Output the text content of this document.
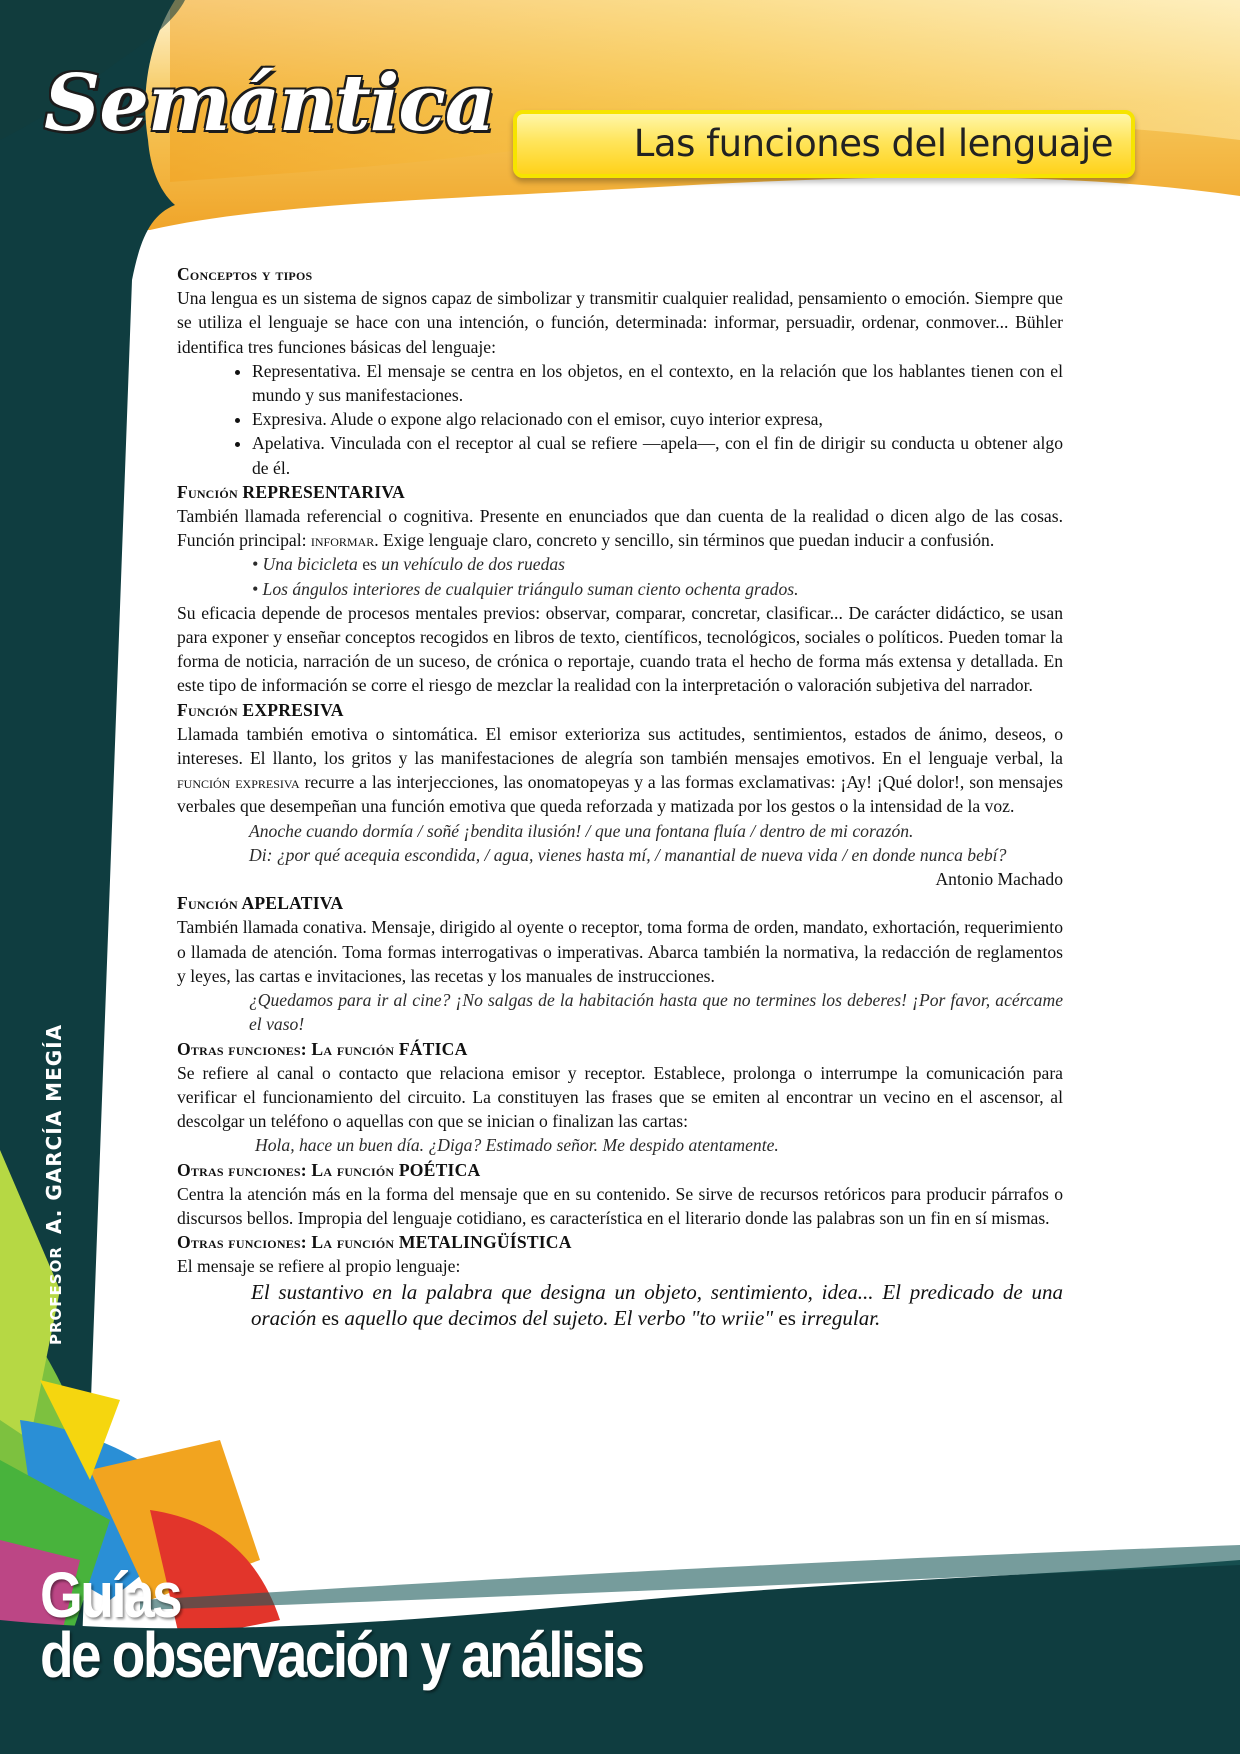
Semántica	Las funciones del lenguaje
PROFESORA. GARCÍA MEGÍA
Guías
de observación y análisis

Conceptos y tipos

Una lengua es un sistema de signos capaz de simbolizar y transmitir cualquier realidad, pensamiento o emoción. Siempre que se utiliza el lenguaje se hace con una intención, o función, determinada: informar, persuadir, ordenar, conmover... Bühler identifica tres funciones básicas del lenguaje:

• Representativa. El mensaje se centra en los objetos, en el contexto, en la relación que los hablantes tienen con el mundo y sus manifestaciones.
• Expresiva. Alude o expone algo relacionado con el emisor, cuyo interior expresa,
• Apelativa. Vinculada con el receptor al cual se refiere —apela—, con el fin de dirigir su conducta u obtener algo de él.

Función REPRESENTARIVA

También llamada referencial o cognitiva. Presente en enunciados que dan cuenta de la realidad o dicen algo de las cosas. Función principal: informar. Exige lenguaje claro, concreto y sencillo, sin términos que puedan inducir a confusión.

• Una bicicleta es un vehículo de dos ruedas

• Los ángulos interiores de cualquier triángulo suman ciento ochenta grados.

Su eficacia depende de procesos mentales previos: observar, comparar, concretar, clasificar... De carácter didáctico, se usan para exponer y enseñar conceptos recogidos en libros de texto, científicos, tecnológicos, sociales o políticos. Pueden tomar la forma de noticia, narración de un suceso, de crónica o reportaje, cuando trata el hecho de forma más extensa y detallada. En este tipo de información se corre el riesgo de mezclar la realidad con la interpretación o valoración subjetiva del narrador.

Función EXPRESIVA

Llamada también emotiva o sintomática. El emisor exterioriza sus actitudes, sentimientos, estados de ánimo, deseos, o intereses. El llanto, los gritos y las manifestaciones de alegría son también mensajes emotivos. En el lenguaje verbal, la función expresiva recurre a las interjecciones, las onomatopeyas y a las formas exclamativas: ¡Ay! ¡Qué dolor!, son mensajes verbales que desempeñan una función emotiva que queda reforzada y matizada por los gestos o la intensidad de la voz.

Anoche cuando dormía / soñé ¡bendita ilusión! / que una fontana fluía / dentro de mi corazón.

Di: ¿por qué acequia escondida, / agua, vienes hasta mí, / manantial de nueva vida / en donde nunca bebí?

Antonio Machado

Función APELATIVA

También llamada conativa. Mensaje, dirigido al oyente o receptor, toma forma de orden, mandato, exhortación, requerimiento o llamada de atención. Toma formas interrogativas o imperativas. Abarca también la normativa, la redacción de reglamentos y leyes, las cartas e invitaciones, las recetas y los manuales de instrucciones.

¿Quedamos para ir al cine? ¡No salgas de la habitación hasta que no termines los deberes! ¡Por favor, acércame el vaso!

Otras funciones: La función FÁTICA

Se refiere al canal o contacto que relaciona emisor y receptor. Establece, prolonga o interrumpe la comunicación para verificar el funcionamiento del circuito. La constituyen las frases que se emiten al encontrar un vecino en el ascensor, al descolgar un teléfono o aquellas con que se inician o finalizan las cartas:

Hola, hace un buen día. ¿Diga? Estimado señor. Me despido atentamente.

Otras funciones: La función POÉTICA

Centra la atención más en la forma del mensaje que en su contenido. Se sirve de recursos retóricos para producir párrafos o discursos bellos. Impropia del lenguaje cotidiano, es característica en el literario donde las palabras son un fin en sí mismas.

Otras funciones: La función METALINGÜÍSTICA

El mensaje se refiere al propio lenguaje:

El sustantivo en la palabra que designa un objeto, sentimiento, idea... El predicado de una oración es aquello que decimos del sujeto. El verbo "to wriie" es irregular.
